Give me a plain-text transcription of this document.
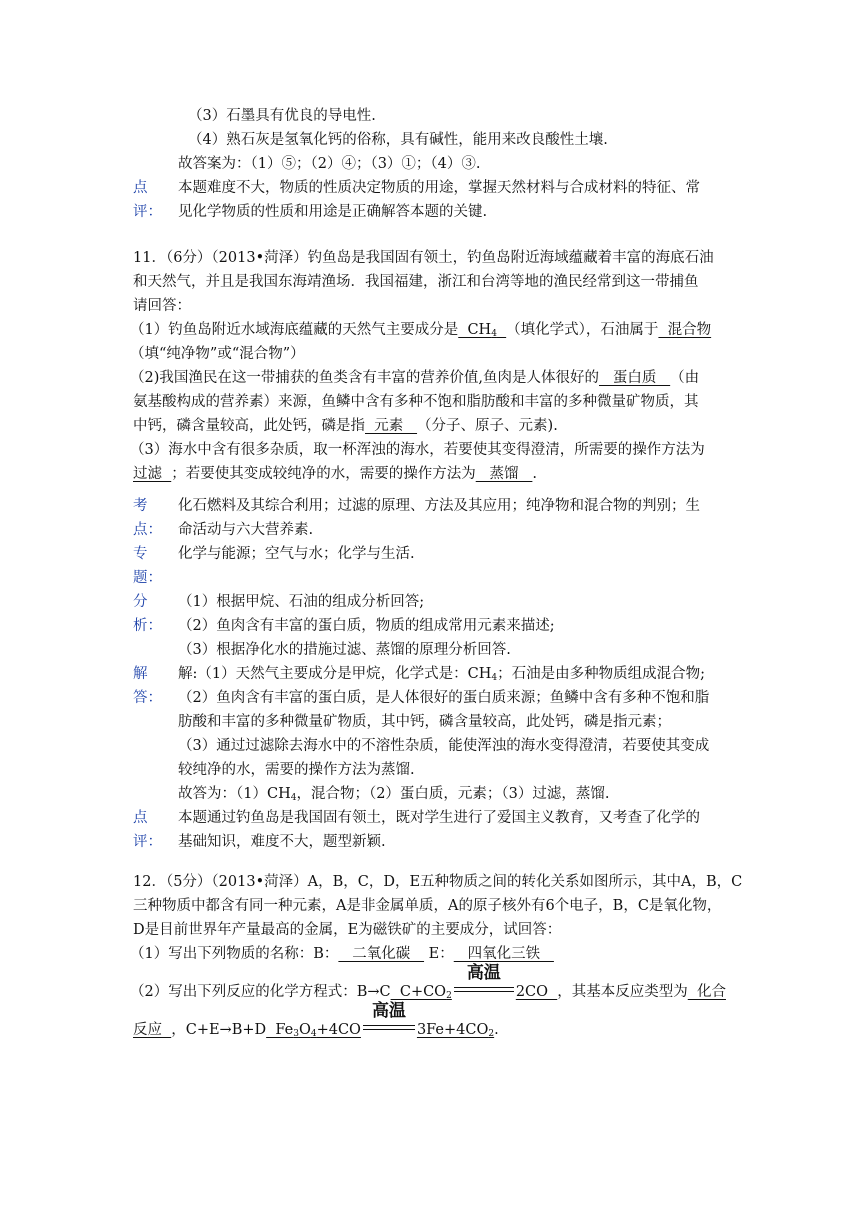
（3）石墨具有优良的导电性.
（4）熟石灰是氢氧化钙的俗称，具有碱性，能用来改良酸性土壤.
故答案为：（1）⑤；（2）④；（3）①；（4）③.
点
评：
本题难度不大，物质的性质决定物质的用途，掌握天然材料与合成材料的特征、常
见化学物质的性质和用途是正确解答本题的关键.
11．（6分）（2013•菏泽）钓鱼岛是我国固有领土，钓鱼岛附近海域蕴藏着丰富的海底石油
和天然气，并且是我国东海靖渔场．我国福建，浙江和台湾等地的渔民经常到这一带捕鱼
请回答：
（1）钓鱼岛附近水域海底蕴藏的天然气主要成分是  $CH_4$ （填化学式），石油属于  混合物
（填“纯净物”或“混合物”）
（2)我国渔民在这一带捕获的鱼类含有丰富的营养价值,鱼肉是人体很好的   蛋白质   （由
氨基酸构成的营养素）来源，鱼鳞中含有多种不饱和脂肪酸和丰富的多种微量矿物质，其
中钙，磷含量较高，此处钙，磷是指  元素   （分子、原子、元素).
（3）海水中含有很多杂质，取一杯浑浊的海水，若要使其变得澄清，所需要的操作方法为
过滤  ；若要使其变成较纯净的水，需要的操作方法为   蒸馏   .
考
点：
化石燃料及其综合利用；过滤的原理、方法及其应用；纯净物和混合物的判别；生
命活动与六大营养素.
专
题：
化学与能源；空气与水；化学与生活.
分
析：
（1）根据甲烷、石油的组成分析回答;
（2）鱼肉含有丰富的蛋白质，物质的组成常用元素来描述;
（3）根据净化水的措施过滤、蒸馏的原理分析回答.
解
答：
解:（1）天然气主要成分是甲烷，化学式是：$CH_4$；石油是由多种物质组成混合物;
（2）鱼肉含有丰富的蛋白质，是人体很好的蛋白质来源；鱼鳞中含有多种不饱和脂
肪酸和丰富的多种微量矿物质，其中钙，磷含量较高，此处钙，磷是指元素；
（3）通过过滤除去海水中的不溶性杂质，能使浑浊的海水变得澄清，若要使其变成
较纯净的水，需要的操作方法为蒸馏.
故答为：$(1)CH_4$，混合物；（2）蛋白质，元素；（3）过滤，蒸馏.
点
评：
本题通过钓鱼岛是我国固有领土，既对学生进行了爱国主义教育，又考查了化学的
基础知识，难度不大，题型新颖.
12．（5分）（2013•菏泽）A，B，C，D，E五种物质之间的转化关系如图所示，其中A，B，C
三种物质中都含有同一种元素，A是非金属单质，A的原子核外有6个电子，B，C是氧化物，
D是目前世界年产量最高的金属，E为磁铁矿的主要成分，试回答：
（1）写出下列物质的名称：B：   二氧化碳    E：   四氧化三铁
（2）写出下列反应的化学方程式：B→C  $C+CO_2$
高温
2CO  ，其基本反应类型为  化合
反应  ，C+E→B+D  $Fe_3O_4+4CO$
高温
$3Fe+4CO_2$.
